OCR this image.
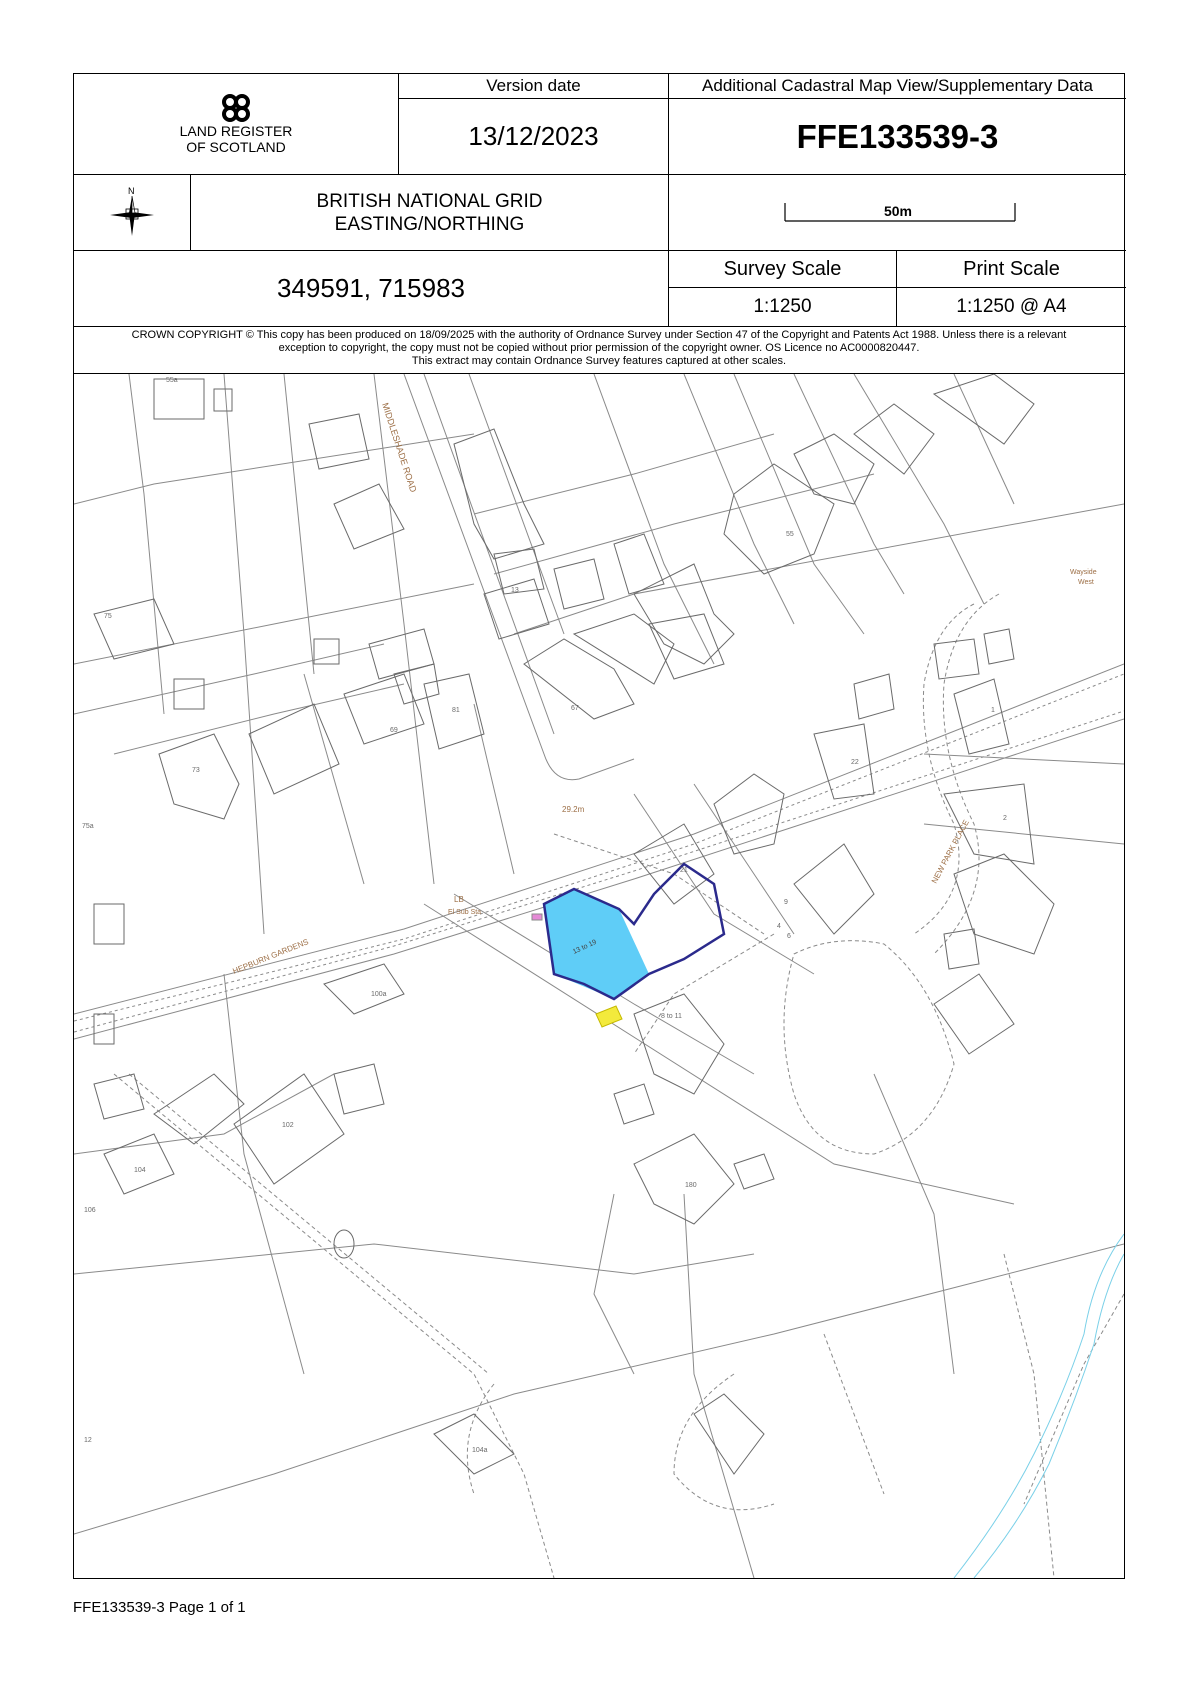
LAND REGISTER
OF SCOTLAND
Version date
13/12/2023
Additional Cadastral Map View/Supplementary Data
FFE133539-3
N	BRITISH NATIONAL GRID
EASTING/NORTHING
50m
349591, 715983
Survey Scale
1:1250
Print Scale
1:1250 @ A4
CROWN COPYRIGHT © This copy has been produced on 18/09/2025 with the authority of Ordnance Survey under Section 47 of the Copyright and Patents Act 1988. Unless there is a relevant
exception to copyright, the copy must not be copied without prior permission of the copyright owner. OS Licence no AC0000820447.
This extract may contain Ordnance Survey features captured at other scales.
MIDDLESHADE ROAD
HEPBURN GARDENS
NEW PARK PLACE
29.2m
LB
El Sub Sta
13 to 19
Wayside
West
55
75
13
67
69
81
73
75a
22
2
21
1
4
6
9
8 to 11
100a
102
104
106
180
104a
55a
12
FFE133539-3 Page 1 of 1
